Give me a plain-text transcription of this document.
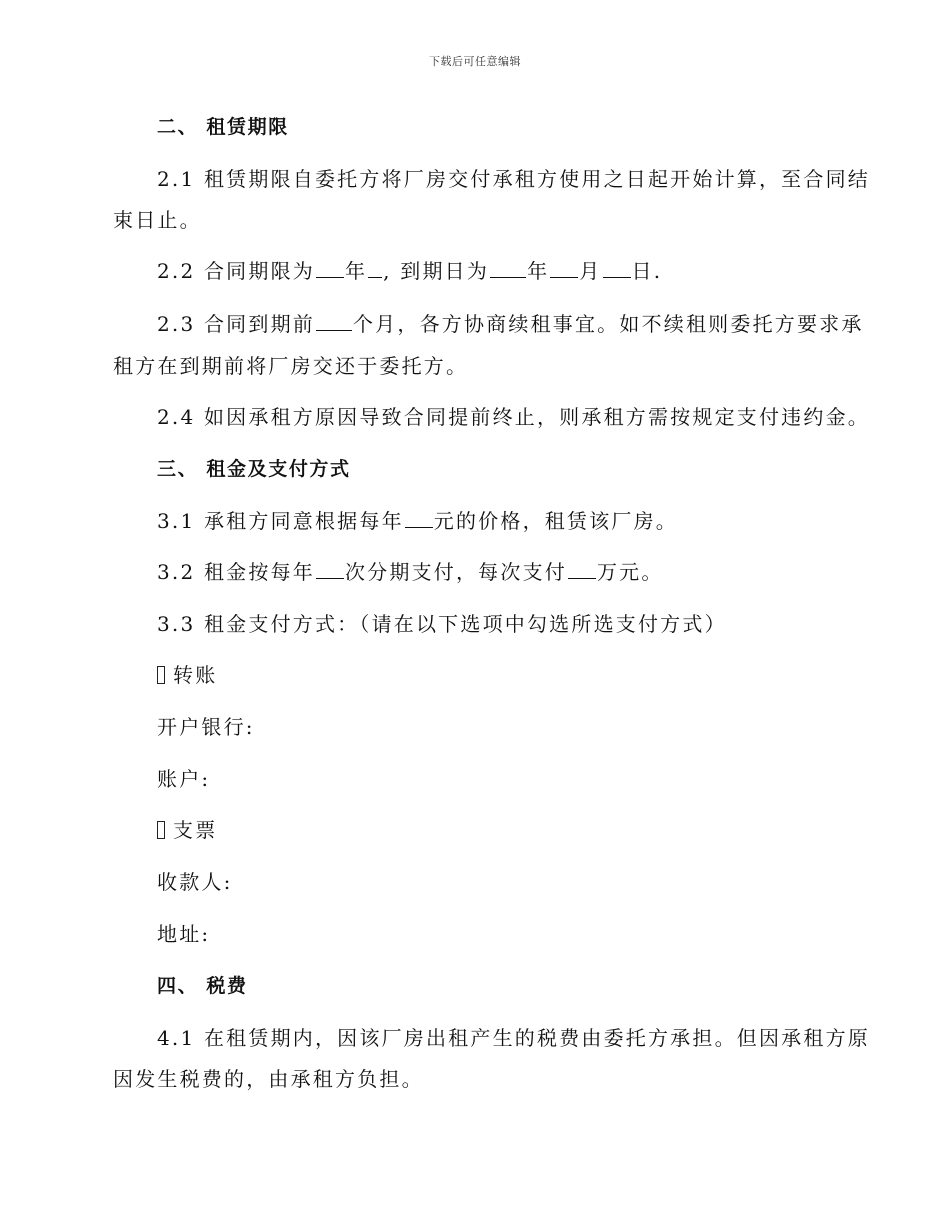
下载后可任意编辑
二、 租赁期限
2.1 租赁期限自委托方将厂房交付承租方使用之日起开始计算，至合同结
束日止。
2.2 合同期限为 年 , 到期日为 年 月 日.
2.3 合同到期前 个月，各方协商续租事宜。如不续租则委托方要求承
租方在到期前将厂房交还于委托方。
2.4 如因承租方原因导致合同提前终止，则承租方需按规定支付违约金。
三、 租金及支付方式
3.1 承租方同意根据每年 元的价格，租赁该厂房。
3.2 租金按每年 次分期支付，每次支付 万元。
3.3 租金支付方式：（请在以下选项中勾选所选支付方式）
转账
开户银行:
账户:
支票
收款人:
地址:
四、 税费
4.1 在租赁期内，因该厂房出租产生的税费由委托方承担。但因承租方原
因发生税费的，由承租方负担。
